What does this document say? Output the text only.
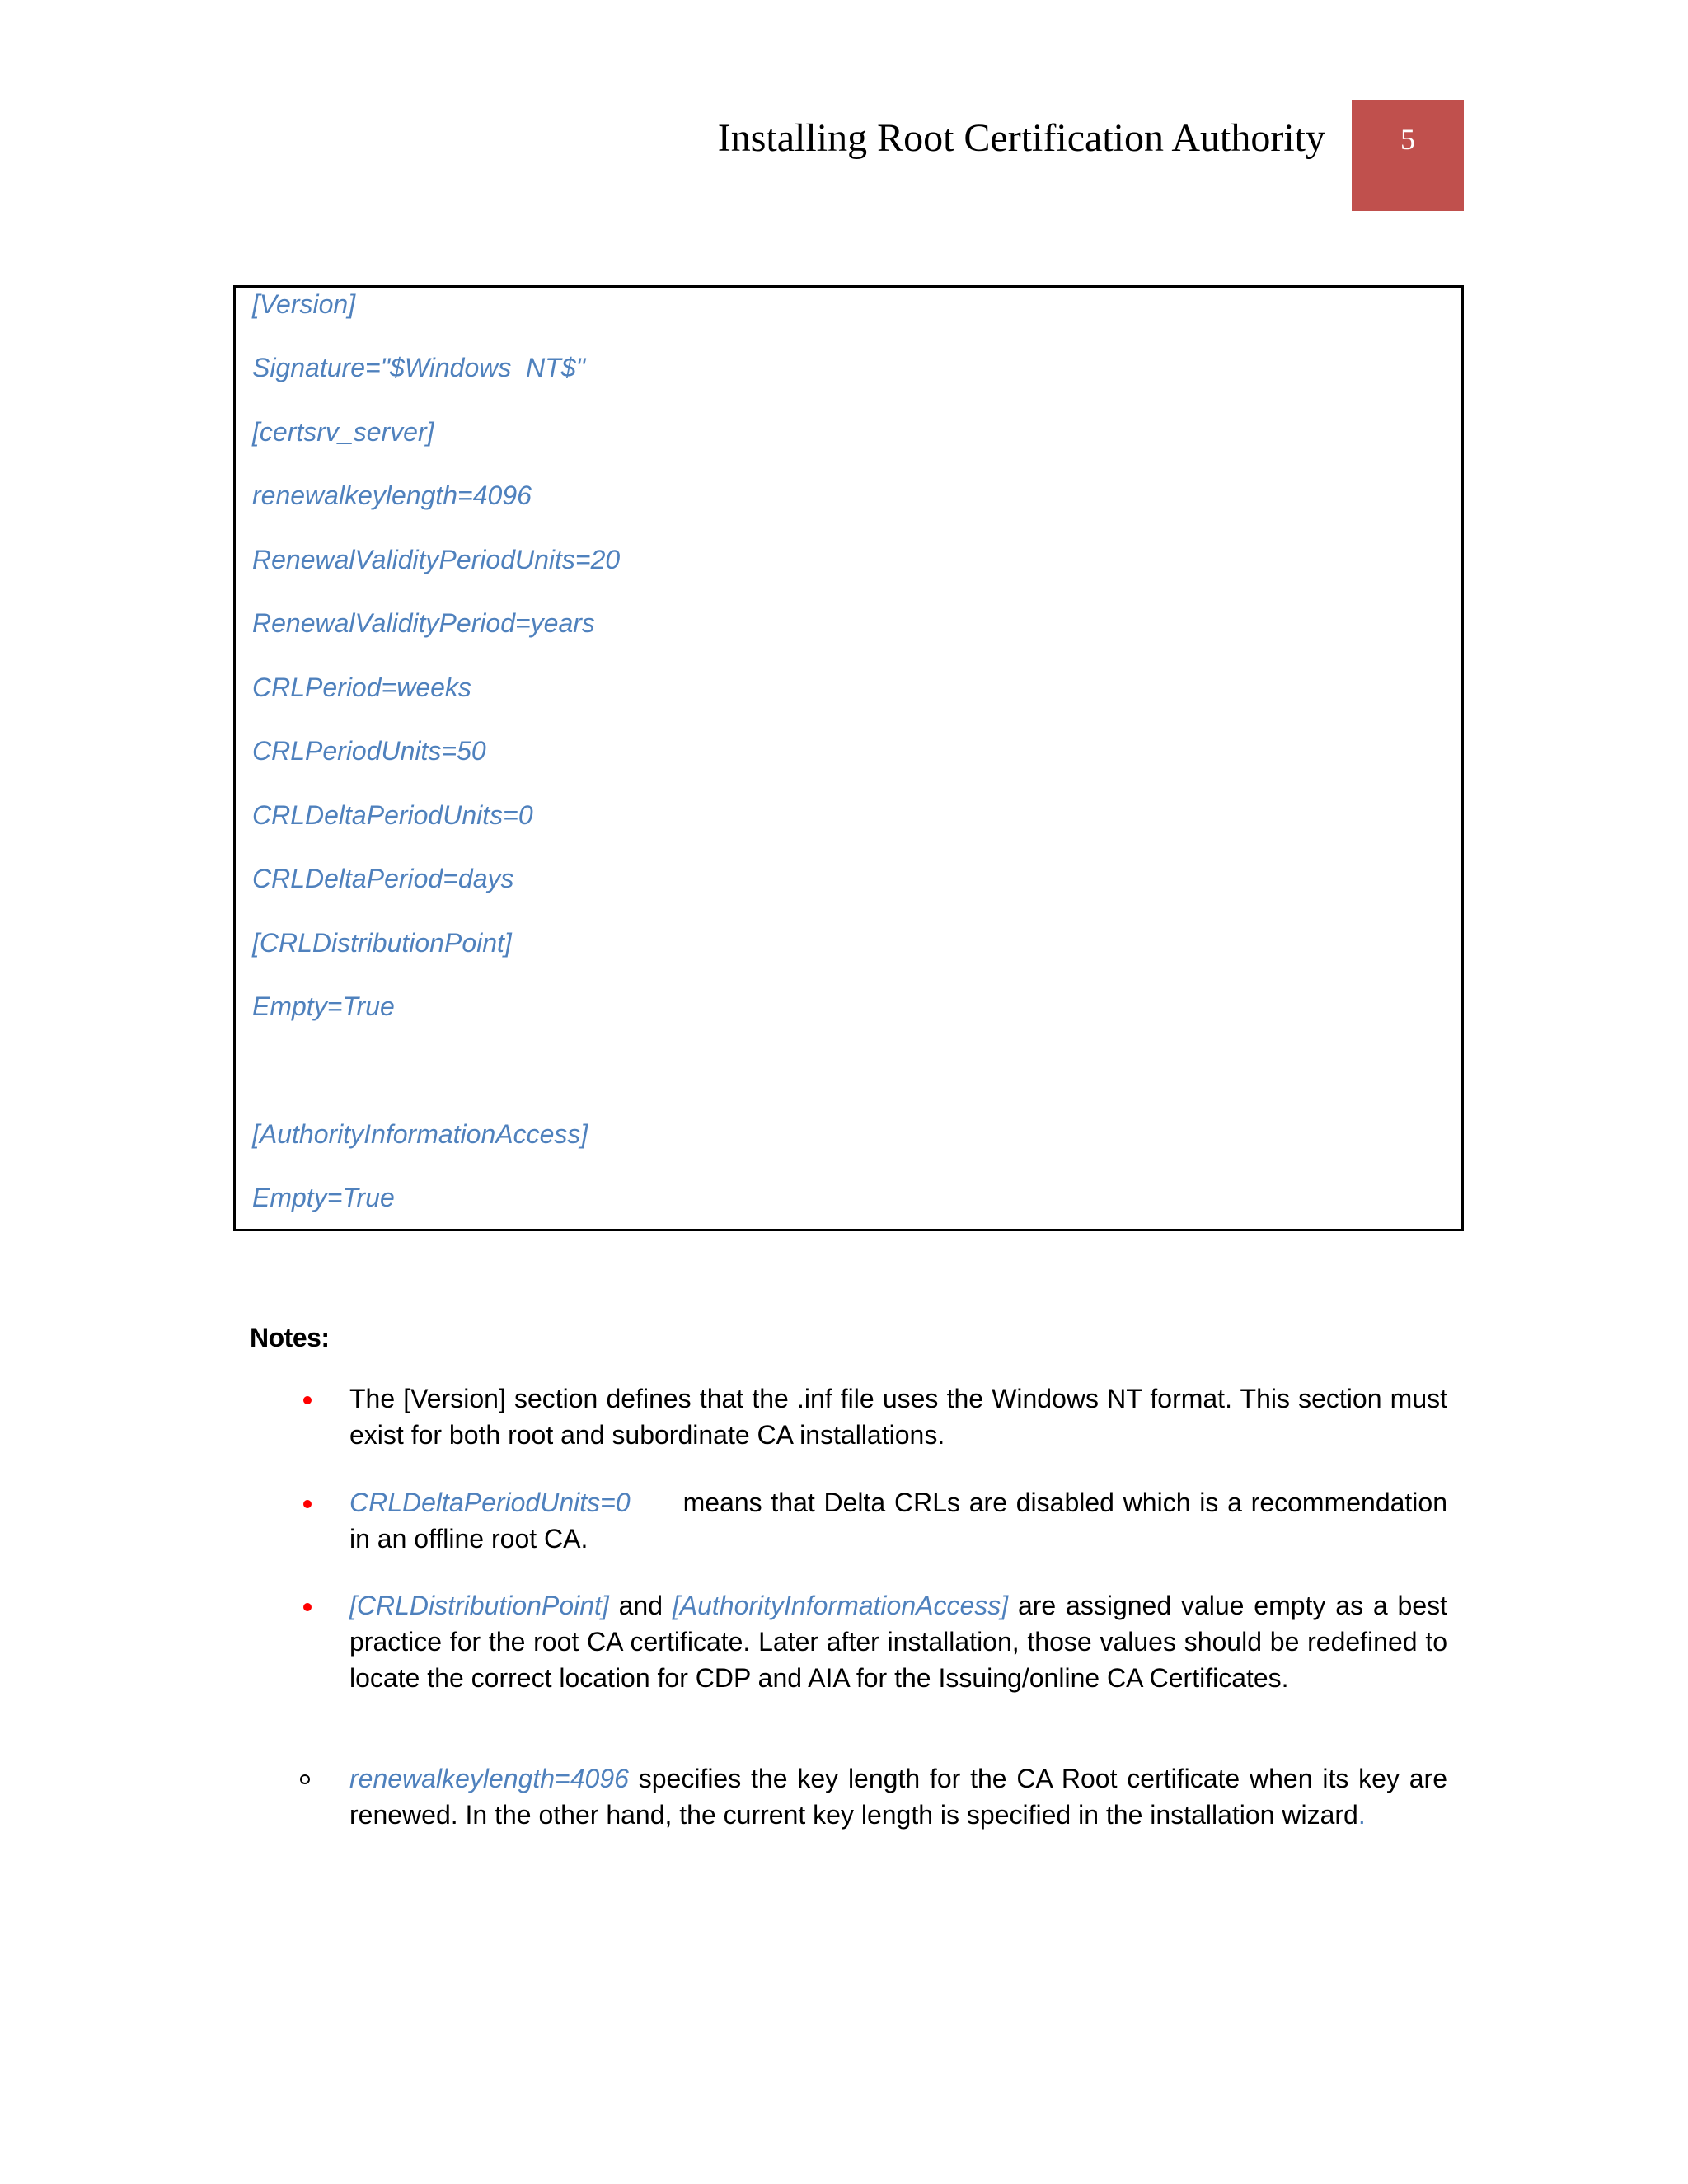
Installing Root Certification Authority	5
[Version]
Signature="$Windows  NT$"
[certsrv_server]
renewalkeylength=4096
RenewalValidityPeriodUnits=20
RenewalValidityPeriod=years
CRLPeriod=weeks
CRLPeriodUnits=50
CRLDeltaPeriodUnits=0
CRLDeltaPeriod=days
[CRLDistributionPoint]
Empty=True
[AuthorityInformationAccess]
Empty=True
Notes:
The [Version] section defines that the .inf file uses the Windows NT format. This section must exist for both root and subordinate CA installations.
CRLDeltaPeriodUnits=0 means that Delta CRLs are disabled which is a recommendation in an offline root CA.
[CRLDistributionPoint] and [AuthorityInformationAccess] are assigned value empty as a best practice for the root CA certificate. Later after installation, those values should be redefined to locate the correct location for CDP and AIA for the Issuing/online CA Certificates.
renewalkeylength=4096 specifies the key length for the CA Root certificate when its key are renewed. In the other hand, the current key length is specified in the installation wizard.
